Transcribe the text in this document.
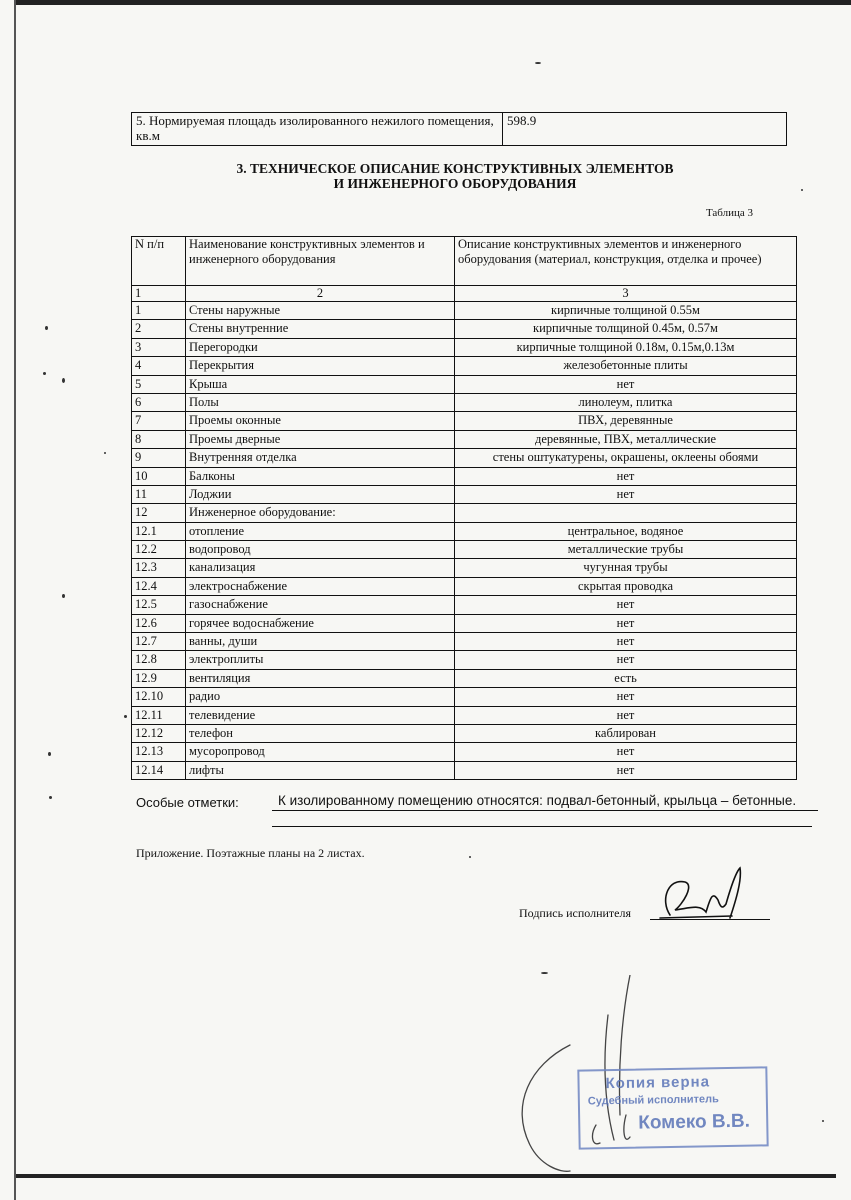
5. Нормируемая площадь изолированного нежилого помещения, кв.м	598.9
3. ТЕХНИЧЕСКОЕ ОПИСАНИЕ КОНСТРУКТИВНЫХ ЭЛЕМЕНТОВ
И ИНЖЕНЕРНОГО ОБОРУДОВАНИЯ
Таблица 3
N п/п	Наименование конструктивных элементов и инженерного оборудования	Описание конструктивных элементов и инженерного оборудования (материал, конструкция, отделка и прочее)
1	2	3
1	Стены наружные	кирпичные толщиной 0.55м
2	Стены внутренние	кирпичные толщиной 0.45м, 0.57м
3	Перегородки	кирпичные толщиной 0.18м, 0.15м,0.13м
4	Перекрытия	железобетонные плиты
5	Крыша	нет
6	Полы	линолеум, плитка
7	Проемы оконные	ПВХ, деревянные
8	Проемы дверные	деревянные, ПВХ, металлические
9	Внутренняя отделка	стены оштукатурены, окрашены, оклеены обоями
10	Балконы	нет
11	Лоджии	нет
12	Инженерное оборудование:	
12.1	отопление	центральное, водяное
12.2	водопровод	металлические трубы
12.3	канализация	чугунная трубы
12.4	электроснабжение	скрытая проводка
12.5	газоснабжение	нет
12.6	горячее водоснабжение	нет
12.7	ванны, души	нет
12.8	электроплиты	нет
12.9	вентиляция	есть
12.10	радио	нет
12.11	телевидение	нет
12.12	телефон	каблирован
12.13	мусоропровод	нет
12.14	лифты	нет
Особые отметки:	К изолированному помещению относятся: подвал-бетонный, крыльца – бетонные.
Приложение. Поэтажные планы на 2 листах.
Подпись исполнителя
Копия верна
Судебный исполнитель
Комеко В.В.
